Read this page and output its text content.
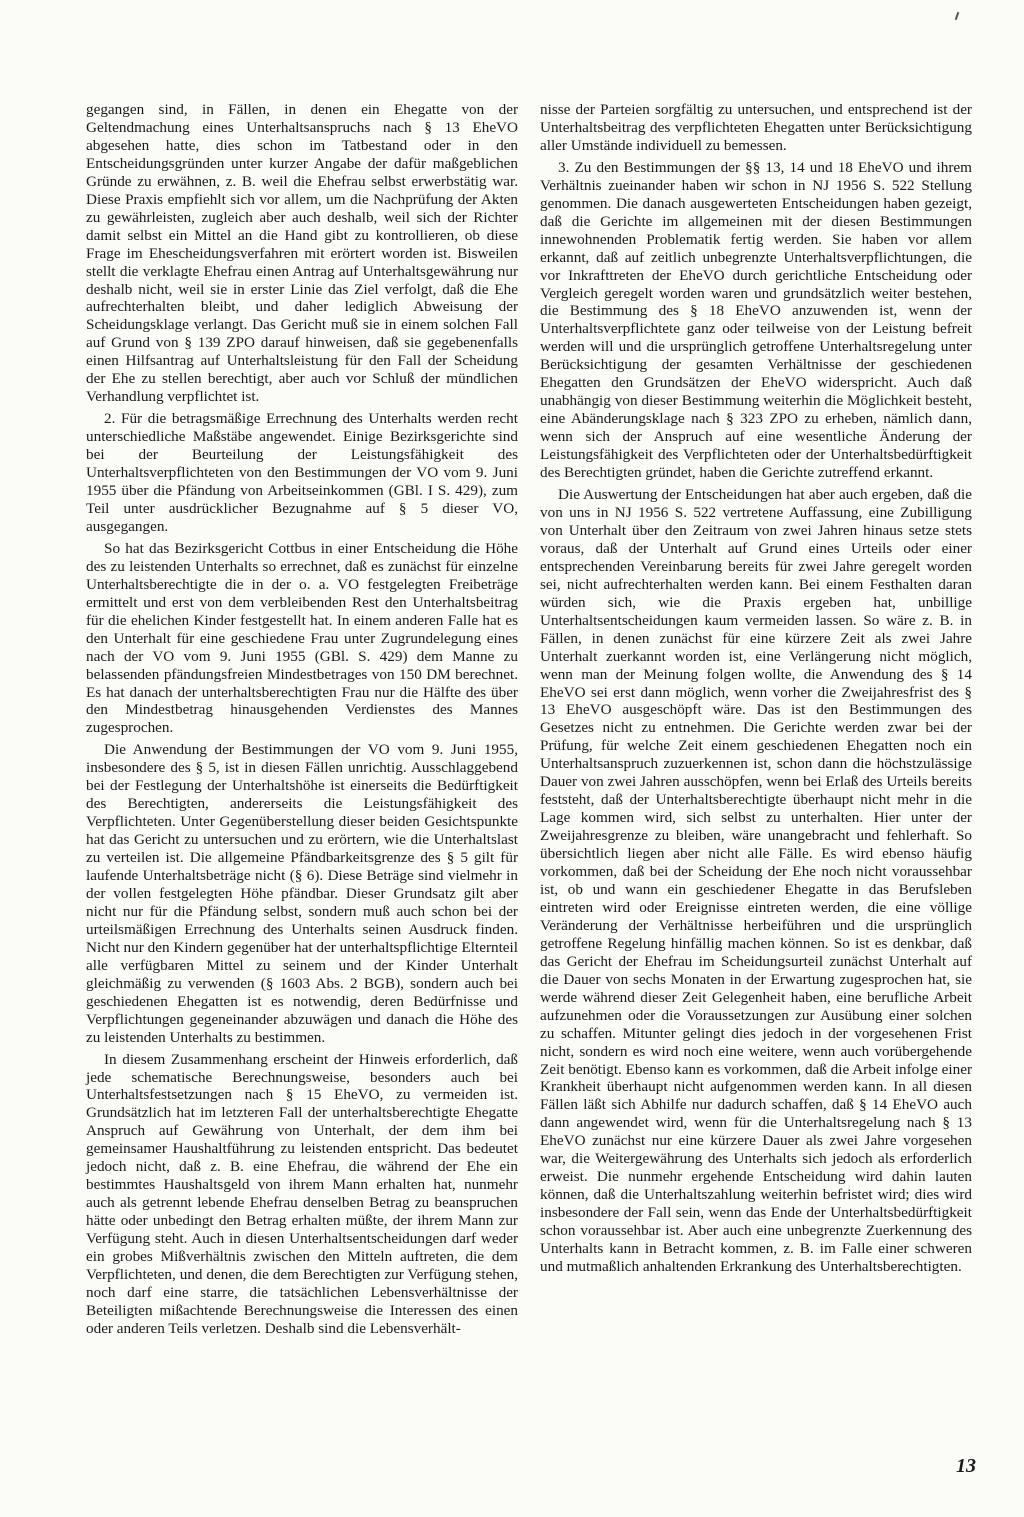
gegangen sind, in Fällen, in denen ein Ehegatte von der Geltendmachung eines Unterhaltsanspruchs nach § 13 EheVO abgesehen hatte, dies schon im Tatbestand oder in den Entscheidungsgründen unter kurzer Angabe der dafür maßgeblichen Gründe zu erwähnen, z. B. weil die Ehefrau selbst erwerbstätig war. Diese Praxis empfiehlt sich vor allem, um die Nachprüfung der Akten zu gewährleisten, zugleich aber auch deshalb, weil sich der Richter damit selbst ein Mittel an die Hand gibt zu kontrollieren, ob diese Frage im Ehescheidungsverfahren mit erörtert worden ist. Bisweilen stellt die verklagte Ehefrau einen Antrag auf Unterhaltsgewährung nur deshalb nicht, weil sie in erster Linie das Ziel verfolgt, daß die Ehe aufrechterhalten bleibt, und daher lediglich Abweisung der Scheidungsklage verlangt. Das Gericht muß sie in einem solchen Fall auf Grund von § 139 ZPO darauf hinweisen, daß sie gegebenenfalls einen Hilfsantrag auf Unterhaltsleistung für den Fall der Scheidung der Ehe zu stellen berechtigt, aber auch vor Schluß der mündlichen Verhandlung verpflichtet ist.

2. Für die betragsmäßige Errechnung des Unterhalts werden recht unterschiedliche Maßstäbe angewendet. Einige Bezirksgerichte sind bei der Beurteilung der Leistungsfähigkeit des Unterhaltsverpflichteten von den Bestimmungen der VO vom 9. Juni 1955 über die Pfändung von Arbeitseinkommen (GBl. I S. 429), zum Teil unter ausdrücklicher Bezugnahme auf § 5 dieser VO, ausgegangen.

So hat das Bezirksgericht Cottbus in einer Entscheidung die Höhe des zu leistenden Unterhalts so errechnet, daß es zunächst für einzelne Unterhaltsberechtigte die in der o. a. VO festgelegten Freibeträge ermittelt und erst von dem verbleibenden Rest den Unterhaltsbeitrag für die ehelichen Kinder festgestellt hat. In einem anderen Falle hat es den Unterhalt für eine geschiedene Frau unter Zugrundelegung eines nach der VO vom 9. Juni 1955 (GBl. S. 429) dem Manne zu belassenden pfändungsfreien Mindestbetrages von 150 DM berechnet. Es hat danach der unterhaltsberechtigten Frau nur die Hälfte des über den Mindestbetrag hinausgehenden Verdienstes des Mannes zugesprochen.

Die Anwendung der Bestimmungen der VO vom 9. Juni 1955, insbesondere des § 5, ist in diesen Fällen unrichtig. Ausschlaggebend bei der Festlegung der Unterhaltshöhe ist einerseits die Bedürftigkeit des Berechtigten, andererseits die Leistungsfähigkeit des Verpflichteten. Unter Gegenüberstellung dieser beiden Gesichtspunkte hat das Gericht zu untersuchen und zu erörtern, wie die Unterhaltslast zu verteilen ist. Die allgemeine Pfändbarkeitsgrenze des § 5 gilt für laufende Unterhaltsbeträge nicht (§ 6). Diese Beträge sind vielmehr in der vollen festgelegten Höhe pfändbar. Dieser Grundsatz gilt aber nicht nur für die Pfändung selbst, sondern muß auch schon bei der urteilsmäßigen Errechnung des Unterhalts seinen Ausdruck finden. Nicht nur den Kindern gegenüber hat der unterhaltspflichtige Elternteil alle verfügbaren Mittel zu seinem und der Kinder Unterhalt gleichmäßig zu verwenden (§ 1603 Abs. 2 BGB), sondern auch bei geschiedenen Ehegatten ist es notwendig, deren Bedürfnisse und Verpflichtungen gegeneinander abzuwägen und danach die Höhe des zu leistenden Unterhalts zu bestimmen.

In diesem Zusammenhang erscheint der Hinweis erforderlich, daß jede schematische Berechnungsweise, besonders auch bei Unterhaltsfestsetzungen nach § 15 EheVO, zu vermeiden ist. Grundsätzlich hat im letzteren Fall der unterhaltsberechtigte Ehegatte Anspruch auf Gewährung von Unterhalt, der dem ihm bei gemeinsamer Haushaltführung zu leistenden entspricht. Das bedeutet jedoch nicht, daß z. B. eine Ehefrau, die während der Ehe ein bestimmtes Haushaltsgeld von ihrem Mann erhalten hat, nunmehr auch als getrennt lebende Ehefrau denselben Betrag zu beanspruchen hätte oder unbedingt den Betrag erhalten müßte, der ihrem Mann zur Verfügung steht. Auch in diesen Unterhaltsentscheidungen darf weder ein grobes Mißverhältnis zwischen den Mitteln auftreten, die dem Verpflichteten, und denen, die dem Berechtigten zur Verfügung stehen, noch darf eine starre, die tatsächlichen Lebensverhältnisse der Beteiligten mißachtende Berechnungsweise die Interessen des einen oder anderen Teils verletzen. Deshalb sind die Lebensverhält-

nisse der Parteien sorgfältig zu untersuchen, und entsprechend ist der Unterhaltsbeitrag des verpflichteten Ehegatten unter Berücksichtigung aller Umstände individuell zu bemessen.

3. Zu den Bestimmungen der §§ 13, 14 und 18 EheVO und ihrem Verhältnis zueinander haben wir schon in NJ 1956 S. 522 Stellung genommen. Die danach ausgewerteten Entscheidungen haben gezeigt, daß die Gerichte im allgemeinen mit der diesen Bestimmungen innewohnenden Problematik fertig werden. Sie haben vor allem erkannt, daß auf zeitlich unbegrenzte Unterhaltsverpflichtungen, die vor Inkrafttreten der EheVO durch gerichtliche Entscheidung oder Vergleich geregelt worden waren und grundsätzlich weiter bestehen, die Bestimmung des § 18 EheVO anzuwenden ist, wenn der Unterhaltsverpflichtete ganz oder teilweise von der Leistung befreit werden will und die ursprünglich getroffene Unterhaltsregelung unter Berücksichtigung der gesamten Verhältnisse der geschiedenen Ehegatten den Grundsätzen der EheVO widerspricht. Auch daß unabhängig von dieser Bestimmung weiterhin die Möglichkeit besteht, eine Abänderungsklage nach § 323 ZPO zu erheben, nämlich dann, wenn sich der Anspruch auf eine wesentliche Änderung der Leistungsfähigkeit des Verpflichteten oder der Unterhaltsbedürftigkeit des Berechtigten gründet, haben die Gerichte zutreffend erkannt.

Die Auswertung der Entscheidungen hat aber auch ergeben, daß die von uns in NJ 1956 S. 522 vertretene Auffassung, eine Zubilligung von Unterhalt über den Zeitraum von zwei Jahren hinaus setze stets voraus, daß der Unterhalt auf Grund eines Urteils oder einer entsprechenden Vereinbarung bereits für zwei Jahre geregelt worden sei, nicht aufrechterhalten werden kann. Bei einem Festhalten daran würden sich, wie die Praxis ergeben hat, unbillige Unterhaltsentscheidungen kaum vermeiden lassen. So wäre z. B. in Fällen, in denen zunächst für eine kürzere Zeit als zwei Jahre Unterhalt zuerkannt worden ist, eine Verlängerung nicht möglich, wenn man der Meinung folgen wollte, die Anwendung des § 14 EheVO sei erst dann möglich, wenn vorher die Zweijahresfrist des § 13 EheVO ausgeschöpft wäre. Das ist den Bestimmungen des Gesetzes nicht zu entnehmen. Die Gerichte werden zwar bei der Prüfung, für welche Zeit einem geschiedenen Ehegatten noch ein Unterhaltsanspruch zuzuerkennen ist, schon dann die höchstzulässige Dauer von zwei Jahren ausschöpfen, wenn bei Erlaß des Urteils bereits feststeht, daß der Unterhaltsberechtigte überhaupt nicht mehr in die Lage kommen wird, sich selbst zu unterhalten. Hier unter der Zweijahresgrenze zu bleiben, wäre unangebracht und fehlerhaft. So übersichtlich liegen aber nicht alle Fälle. Es wird ebenso häufig vorkommen, daß bei der Scheidung der Ehe noch nicht voraussehbar ist, ob und wann ein geschiedener Ehegatte in das Berufsleben eintreten wird oder Ereignisse eintreten werden, die eine völlige Veränderung der Verhältnisse herbeiführen und die ursprünglich getroffene Regelung hinfällig machen können. So ist es denkbar, daß das Gericht der Ehefrau im Scheidungsurteil zunächst Unterhalt auf die Dauer von sechs Monaten in der Erwartung zugesprochen hat, sie werde während dieser Zeit Gelegenheit haben, eine berufliche Arbeit aufzunehmen oder die Voraussetzungen zur Ausübung einer solchen zu schaffen. Mitunter gelingt dies jedoch in der vorgesehenen Frist nicht, sondern es wird noch eine weitere, wenn auch vorübergehende Zeit benötigt. Ebenso kann es vorkommen, daß die Arbeit infolge einer Krankheit überhaupt nicht aufgenommen werden kann. In all diesen Fällen läßt sich Abhilfe nur dadurch schaffen, daß § 14 EheVO auch dann angewendet wird, wenn für die Unterhaltsregelung nach § 13 EheVO zunächst nur eine kürzere Dauer als zwei Jahre vorgesehen war, die Weitergewährung des Unterhalts sich jedoch als erforderlich erweist. Die nunmehr ergehende Entscheidung wird dahin lauten können, daß die Unterhaltszahlung weiterhin befristet wird; dies wird insbesondere der Fall sein, wenn das Ende der Unterhaltsbedürftigkeit schon voraussehbar ist. Aber auch eine unbegrenzte Zuerkennung des Unterhalts kann in Betracht kommen, z. B. im Falle einer schweren und mutmaßlich anhaltenden Erkrankung des Unterhaltsberechtigten.

13
